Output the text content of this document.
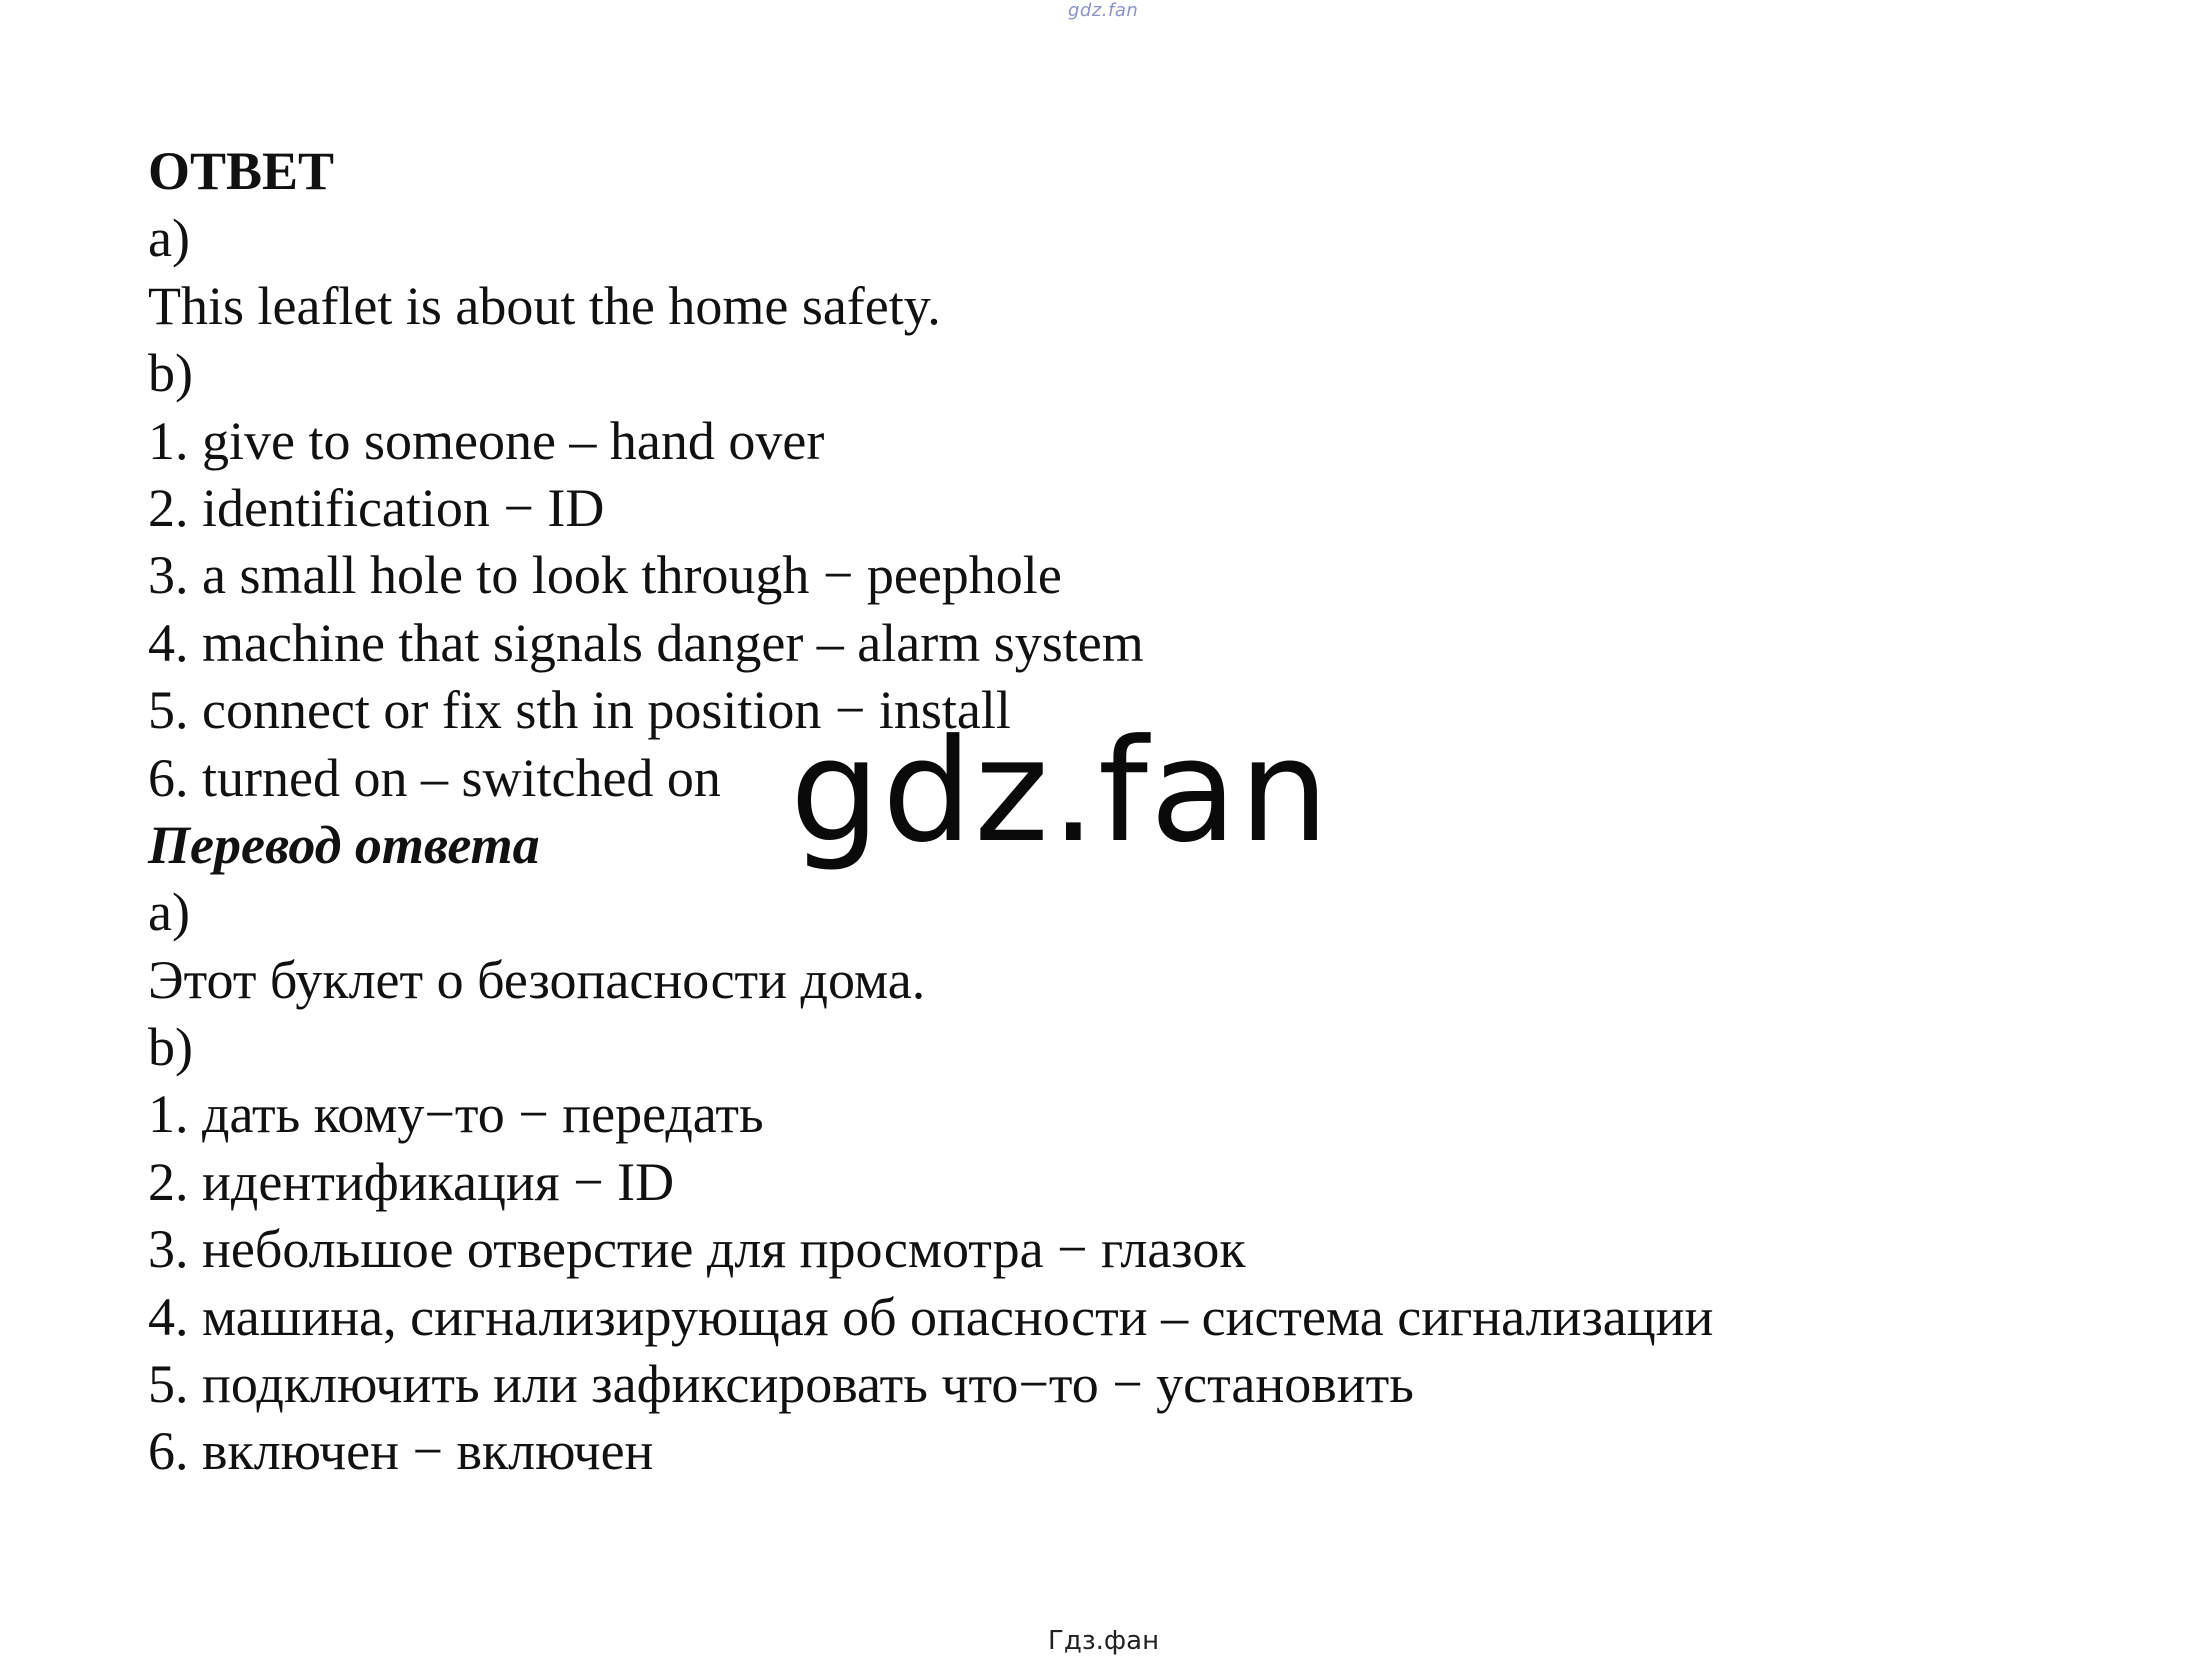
gdz.fan
ОТВЕТ
a)
This leaflet is about the home safety.
b)
1. give to someone – hand over
2. identification − ID
3. a small hole to look through − peephole
4. machine that signals danger – alarm system
5. connect or fix sth in position − install
6. turned on – switched on
Перевод ответа
a)
Этот буклет о безопасности дома.
b)
1. дать кому−то − передать
2. идентификация − ID
3. небольшое отверстие для просмотра − глазок
4. машина, сигнализирующая об опасности – система сигнализации
5. подключить или зафиксировать что−то − установить
6. включен − включен
gdz.fan
Гдз.фан
